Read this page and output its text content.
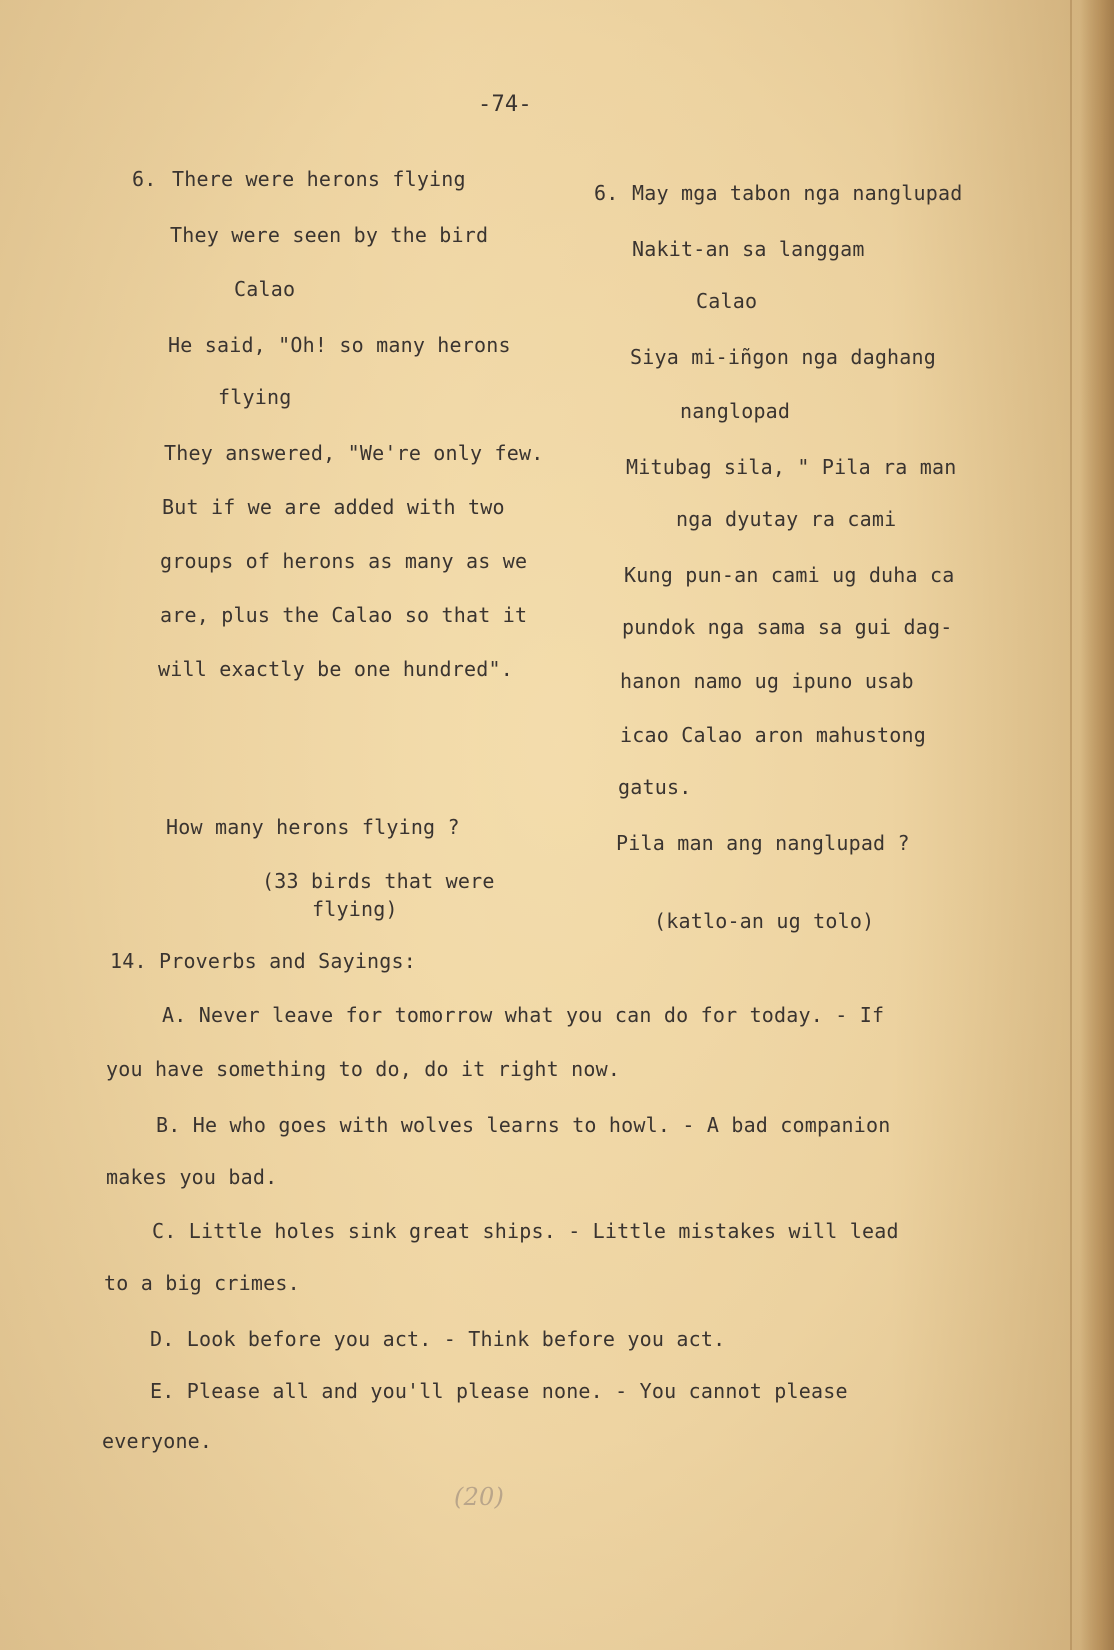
-74-
6. There were herons flying
They were seen by the bird
Calao
He said, "Oh! so many herons
flying
They answered, "We're only few.
But if we are added with two
groups of herons as many as we
are, plus the Calao so that it
will exactly be one hundred".
How many herons flying ?
(33 birds that were
flying)
6. May mga tabon nga nanglupad
Nakit-an sa langgam
Calao
Siya mi-iñgon nga daghang
nanglopad
Mitubag sila, " Pila ra man
nga dyutay ra cami
Kung pun-an cami ug duha ca
pundok nga sama sa gui dag-
hanon namo ug ipuno usab
icao Calao aron mahustong
gatus.
Pila man ang nanglupad ?
(katlo-an ug tolo)
14. Proverbs and Sayings:
A. Never leave for tomorrow what you can do for today. - If
you have something to do, do it right now.
B. He who goes with wolves learns to howl. - A bad companion
makes you bad.
C. Little holes sink great ships. - Little mistakes will lead
to a big crimes.
D. Look before you act. - Think before you act.
E. Please all and you'll please none. - You cannot please
everyone.
(20)
